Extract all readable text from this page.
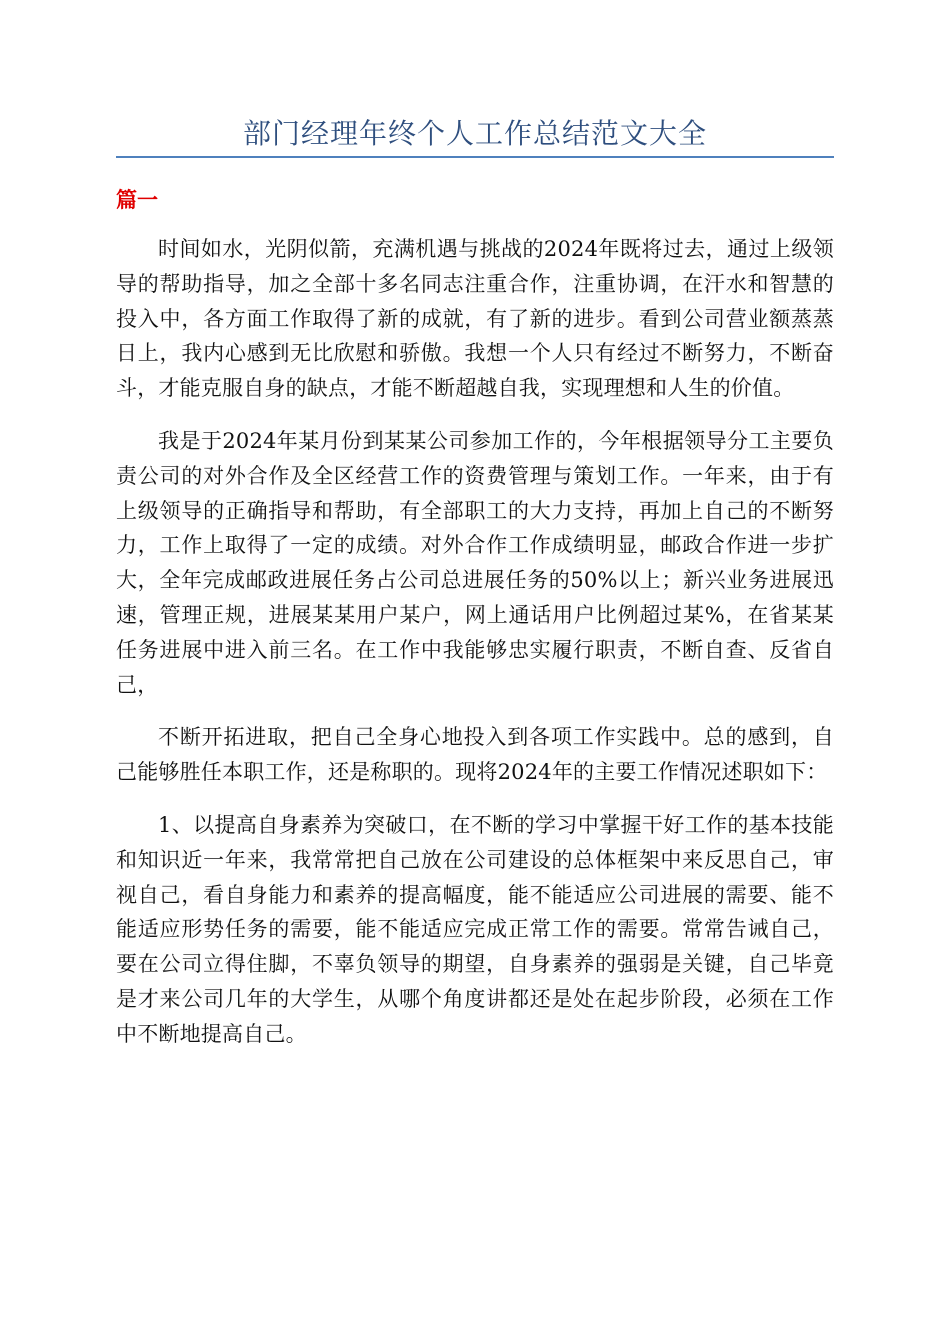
部门经理年终个人工作总结范文大全
篇一

时间如水，光阴似箭，充满机遇与挑战的2024年既将过去，通过上级领导的帮助指导，加之全部十多名同志注重合作，注重协调，在汗水和智慧的投入中，各方面工作取得了新的成就，有了新的进步。看到公司营业额蒸蒸日上，我内心感到无比欣慰和骄傲。我想一个人只有经过不断努力，不断奋斗，才能克服自身的缺点，才能不断超越自我，实现理想和人生的价值。

我是于2024年某月份到某某公司参加工作的，今年根据领导分工主要负责公司的对外合作及全区经营工作的资费管理与策划工作。一年来，由于有上级领导的正确指导和帮助，有全部职工的大力支持，再加上自己的不断努力，工作上取得了一定的成绩。对外合作工作成绩明显，邮政合作进一步扩大，全年完成邮政进展任务占公司总进展任务的50%以上；新兴业务进展迅速，管理正规，进展某某用户某户，网上通话用户比例超过某%，在省某某任务进展中进入前三名。在工作中我能够忠实履行职责，不断自查、反省自己，

不断开拓进取，把自己全身心地投入到各项工作实践中。总的感到，自己能够胜任本职工作，还是称职的。现将2024年的主要工作情况述职如下：

1、以提高自身素养为突破口，在不断的学习中掌握干好工作的基本技能和知识近一年来，我常常把自己放在公司建设的总体框架中来反思自己，审视自己，看自身能力和素养的提高幅度，能不能适应公司进展的需要、能不能适应形势任务的需要，能不能适应完成正常工作的需要。常常告诫自己，要在公司立得住脚，不辜负领导的期望，自身素养的强弱是关键，自己毕竟是才来公司几年的大学生，从哪个角度讲都还是处在起步阶段，必须在工作中不断地提高自己。
